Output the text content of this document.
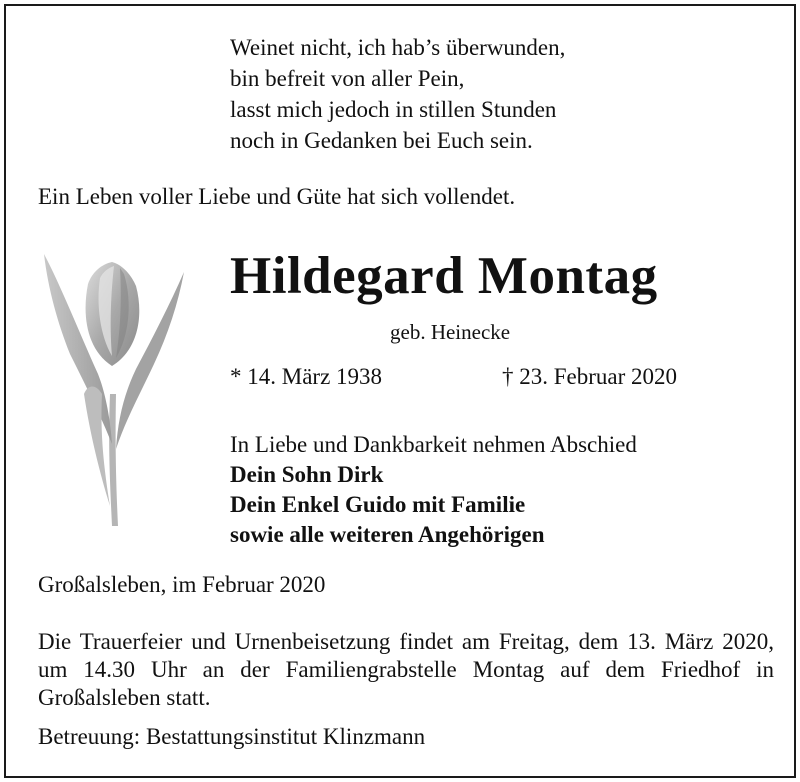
Weinet nicht, ich hab’s überwunden,
bin befreit von aller Pein,
lasst mich jedoch in stillen Stunden
noch in Gedanken bei Euch sein.
Ein Leben voller Liebe und Güte hat sich vollendet.
Hildegard Montag
geb. Heinecke
* 14. März 1938	† 23. Februar 2020
In Liebe und Dankbarkeit nehmen Abschied
Dein Sohn Dirk
Dein Enkel Guido mit Familie
sowie alle weiteren Angehörigen
Großalsleben, im Februar 2020
Die Trauerfeier und Urnenbeisetzung findet am Freitag, dem 13. März 2020, um 14.30 Uhr an der Familiengrabstelle Montag auf dem Friedhof in Großalsleben statt.
Betreuung: Bestattungsinstitut Klinzmann
